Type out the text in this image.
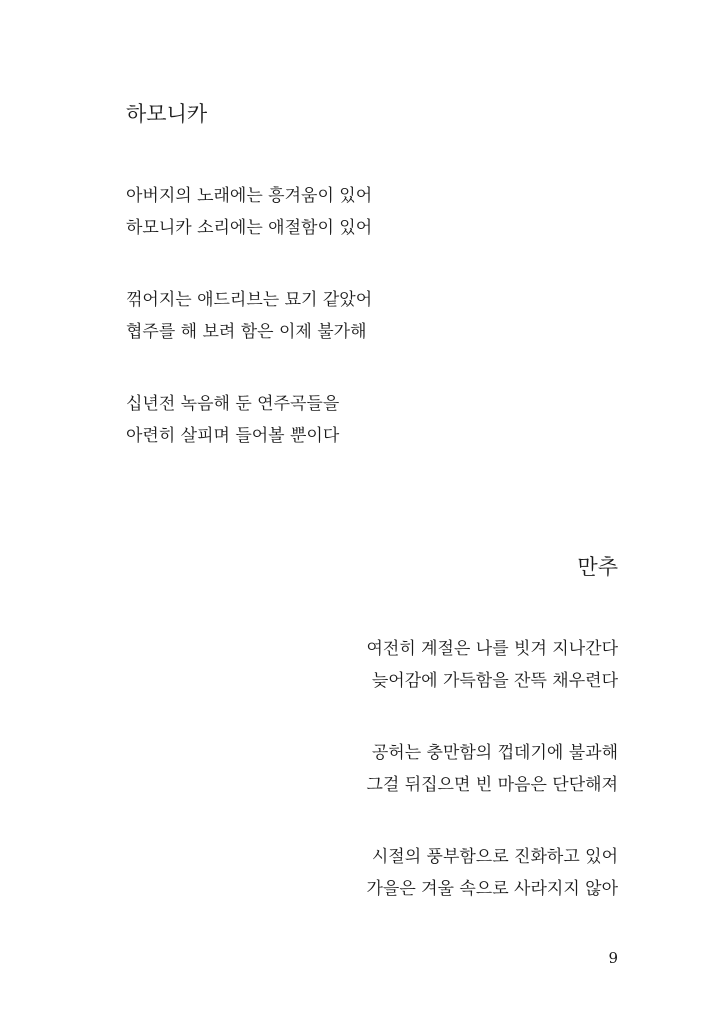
하모니카
아버지의 노래에는 흥겨움이 있어
하모니카 소리에는 애절함이 있어
꺾어지는 애드리브는 묘기 같았어
협주를 해 보려 함은 이제 불가해
십년전 녹음해 둔 연주곡들을
아련히 살피며 들어볼 뿐이다
만추
여전히 계절은 나를 빗겨 지나간다
늦어감에 가득함을 잔뜩 채우련다
공허는 충만함의 껍데기에 불과해
그걸 뒤집으면 빈 마음은 단단해져
시절의 풍부함으로 진화하고 있어
가을은 겨울 속으로 사라지지 않아
9
